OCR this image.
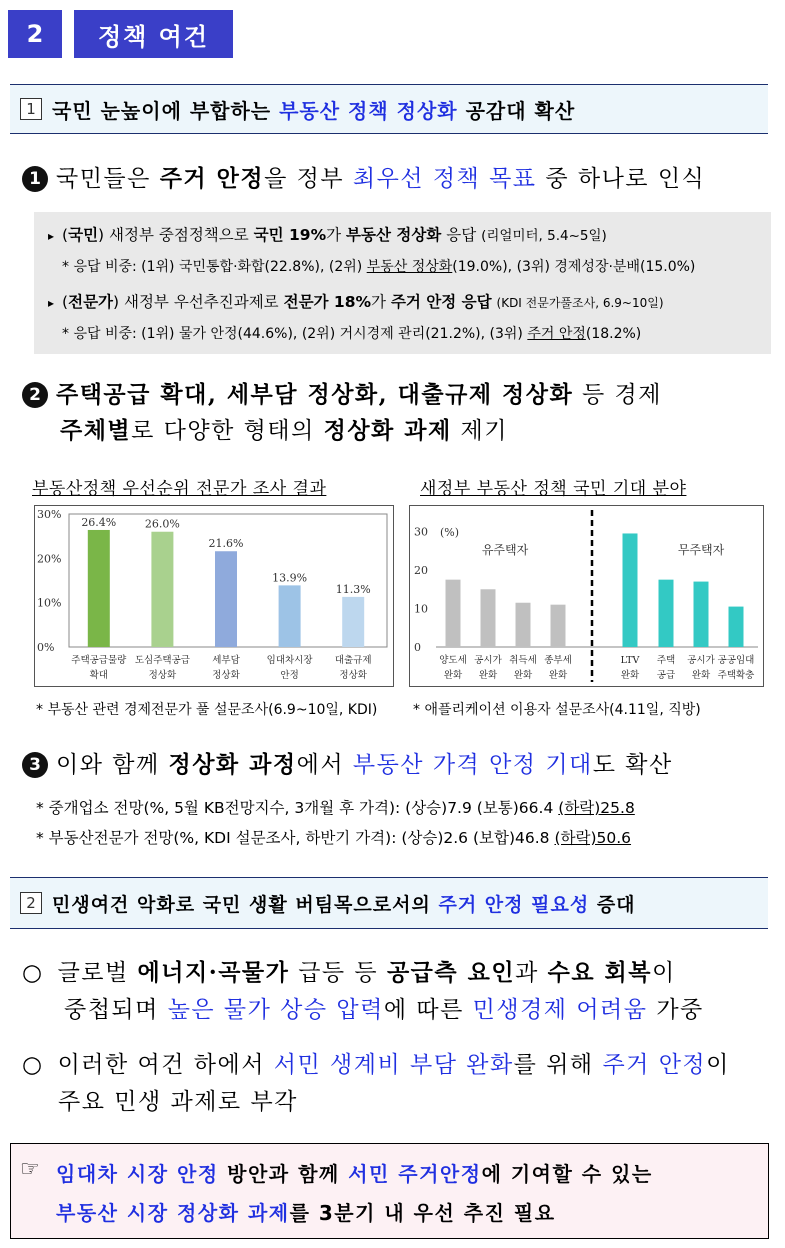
2 정책 여건
1 국민 눈높이에 부합하는 부동산 정책 정상화 공감대 확산
1 국민들은 주거 안정을 정부 최우선 정책 목표 중 하나로 인식
▸ (국민) 새정부 중점정책으로 국민 19%가 부동산 정상화 응답 (리얼미터, 5.4~5일)
* 응답 비중: (1위) 국민통합·화합(22.8%), (2위) 부동산 정상화(19.0%), (3위) 경제성장·분배(15.0%)
▸ (전문가) 새정부 우선추진과제로 전문가 18%가 주거 안정 응답 (KDI 전문가풀조사, 6.9~10일)
* 응답 비중: (1위) 물가 안정(44.6%), (2위) 거시경제 관리(21.2%), (3위) 주거 안정(18.2%)
2 주택공급 확대, 세부담 정상화, 대출규제 정상화 등 경제
주체별로 다양한 형태의 정상화 과제 제기
부동산정책 우선순위 전문가 조사 결과	새정부 부동산 정책 국민 기대 분야
0%
10%
20%
30%
26.4%
주택공급물량
확대
26.0%
도심주택공급
정상화
21.6%
세부담
정상화
13.9%
임대차시장
안정
11.3%
대출규제
정상화
0
10
20
30 (%)
유주택자	무주택자
양도세
완화
공시가
완화
취득세
완화
종부세
완화
LTV
완화
주택
공급
공시가
완화
공공임대
주택확충
* 부동산 관련 경제전문가 풀 설문조사(6.9~10일, KDI)	* 애플리케이션 이용자 설문조사(4.11일, 직방)
3 이와 함께 정상화 과정에서 부동산 가격 안정 기대도 확산
* 중개업소 전망(%, 5월 KB전망지수, 3개월 후 가격): (상승)7.9 (보통)66.4 (하락)25.8
* 부동산전문가 전망(%, KDI 설문조사, 하반기 가격): (상승)2.6 (보합)46.8 (하락)50.6
2 민생여건 악화로 국민 생활 버팀목으로서의 주거 안정 필요성 증대
○ 글로벌 에너지·곡물가 급등 등 공급측 요인과 수요 회복이
중첩되며 높은 물가 상승 압력에 따른 민생경제 어려움 가중
○ 이러한 여건 하에서 서민 생계비 부담 완화를 위해 주거 안정이
주요 민생 과제로 부각
☞ 임대차 시장 안정 방안과 함께 서민 주거안정에 기여할 수 있는
부동산 시장 정상화 과제를 3분기 내 우선 추진 필요
